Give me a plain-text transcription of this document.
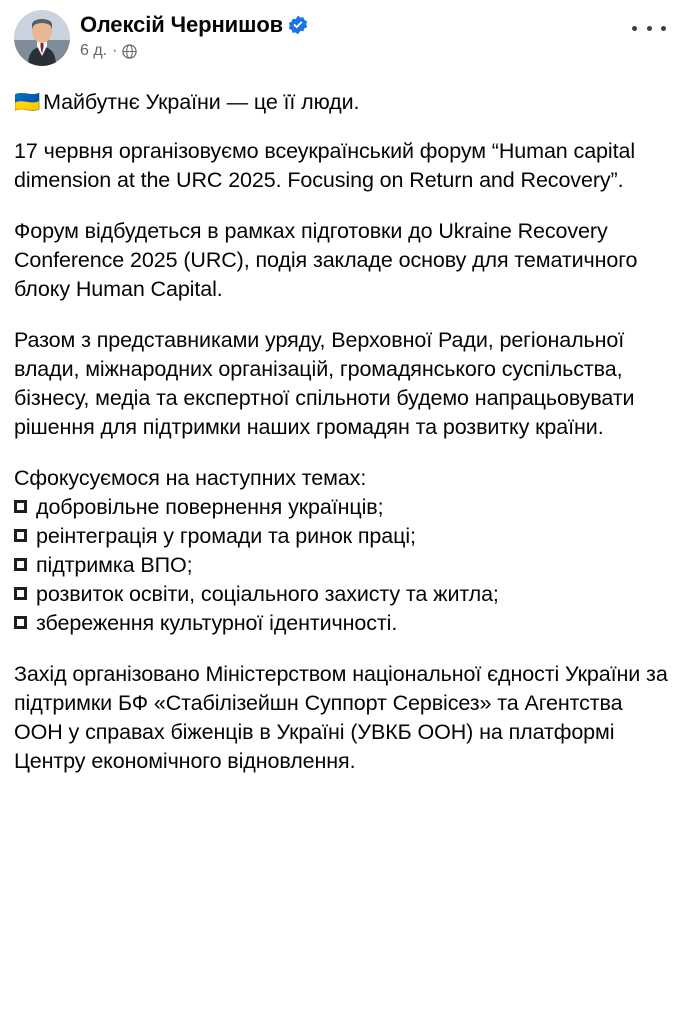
Олексій Чернишов
6 д. ·

🇺🇦 Майбутнє України — це її люди.

17 червня організовуємо всеукраїнський форум “Human capital dimension at the URC 2025. Focusing on Return and Recovery”.

Форум відбудеться в рамках підготовки до Ukraine Recovery Conference 2025 (URC), подія закладе основу для тематичного блоку Human Capital.

Разом з представниками уряду, Верховної Ради, регіональної влади, міжнародних організацій, громадянського суспільства, бізнесу, медіа та експертної спільноти будемо напрацьовувати рішення для підтримки наших громадян та розвитку країни.

Сфокусуємося на наступних темах:

добровільне повернення українців;
реінтеграція у громади та ринок праці;
підтримка ВПО;
розвиток освіти, соціального захисту та житла;
збереження культурної ідентичності.

Захід організовано Міністерством національної єдності України за підтримки БФ «Стабілізейшн Суппорт Сервісез» та Агентства ООН у справах біженців в Україні (УВКБ ООН) на платформі Центру економічного відновлення.
